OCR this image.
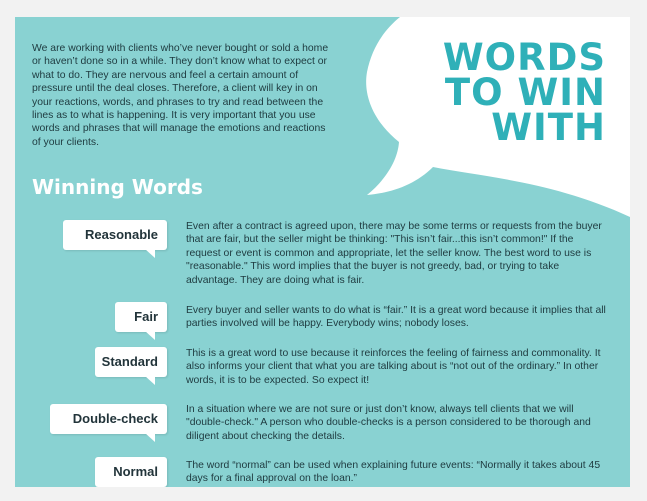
We are working with clients who’ve never bought or sold a home or haven’t done so in a while. They don’t know what to expect or what to do. They are nervous and feel a certain amount of pressure until the deal closes. Therefore, a client will key in on your reactions, words, and phrases to try and read between the lines as to what is happening. It is very important that you use words and phrases that will manage the emotions and reactions of your clients.

WORDS
TO WIN
WITH
Winning Words
Reasonable

Even after a contract is agreed upon, there may be some terms or requests from the buyer that are fair, but the seller might be thinking: "This isn’t fair...this isn’t common!" If the request or event is common and appropriate, let the seller know. The best word to use is "reasonable." This word implies that the buyer is not greedy, bad, or trying to take advantage. They are doing what is fair.

Fair	Every buyer and seller wants to do what is “fair.” It is a great word because it implies that all parties involved will be happy. Everybody wins; nobody loses.

Standard

This is a great word to use because it reinforces the feeling of fairness and commonality. It also informs your client that what you are talking about is “not out of the ordinary.” In other words, it is to be expected. So expect it!

Double-check

In a situation where we are not sure or just don’t know, always tell clients that we will "double-check." A person who double-checks is a person considered to be thorough and diligent about checking the details.

Normal	The word “normal” can be used when explaining future events: “Normally it takes about 45 days for a final approval on the loan.”
